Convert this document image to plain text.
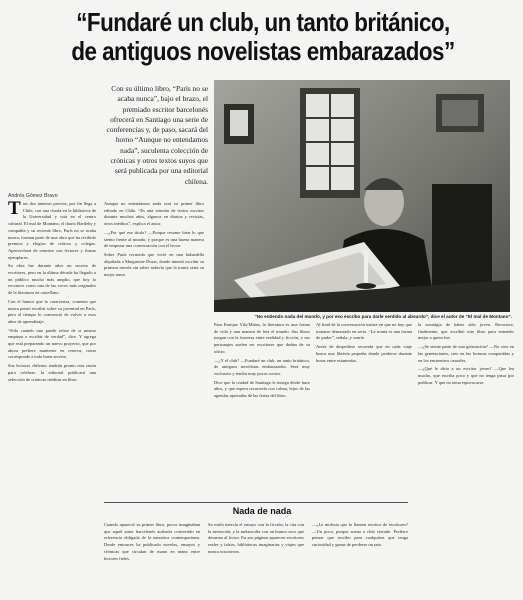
“Fundaré un club, un tanto británico,
de antiguos novelistas embarazados”
Con su último libro, “París no se acaba nunca”, bajo el brazo, el premiado escritor barcelonés ofrecerá en Santiago una serie de conferencias y, de paso, sacará del horno “Aunque no entendamos nada”, suculenta colección de crónicas y otros textos suyos que será publicada por una editorial chilena.
Andrés Gómez Bravo

Tras dos intentos previos, por fin llega a Chile, con una charla en la biblioteca de la Universidad y otra en el centro cultural. El mal de Montano, el diario Bartleby y compañía y su reciente libro, París no se acaba nunca, forman parte de una obra que ha recibido premios y elogios de críticos y colegas. Aprovechará de reunirse con lectores y firmar ejemplares.

Su obra fue durante años un secreto de escritores, pero en la última década ha llegado a un público mucho más amplio, que hoy lo reconoce como una de las voces más originales de la literatura en castellano.

Con el humor que lo caracteriza, comenta que nunca pensó escribir sobre su juventud en París, pero el tiempo lo convenció de volver a esos años de aprendizaje.

“Sólo cuando uno puede reírse de sí mismo empieza a escribir de verdad”, dice. Y agrega que está preparando un nuevo proyecto, que por ahora prefiere mantener en reserva, como corresponde a todo buen secreto.

Sus lectores chilenos tendrán pronto otra razón para celebrar: la editorial publicará una selección de crónicas inéditas en libro.

Aunque no entendamos nada será su primer libro editado en Chile. “Es una reunión de textos escritos durante muchos años, algunos en diarios y revistas, otros inéditos”, explica el autor.

—¿Por qué ese título? —Porque resume bien lo que siento frente al mundo, y porque es una buena manera de empezar una conversación con el lector.

Sobre París recuerda que vivió en una buhardilla alquilada a Marguerite Duras, donde intentó escribir su primera novela sin saber todavía que la ironía sería su mejor arma.

“No entiendo nada del mundo, y por eso escribo para darle sentido al absurdo”, dice el autor de “El mal de Montano”.

Para Enrique Vila-Matas, la literatura es una forma de vida y una manera de leer el mundo. Sus libros juegan con la frontera entre realidad y ficción, y sus personajes suelen ser escritores que dudan de su oficio.

—¿Y el club? —Fundaré un club, un tanto británico, de antiguos novelistas embarazados. Será muy exclusivo y tendrá muy pocos socios.

Dice que la ciudad de Santiago le intriga desde hace años, y que espera recorrerla con calma, lejos de las agendas apretadas de las ferias del libro.

Al final de la conversación insiste en que no hay que tomarse demasiado en serio. “La ironía es una forma de pudor”, señala, y sonríe.

Antes de despedirse recuerda que en cada viaje busca una librería pequeña donde perderse durante horas entre estanterías.

la nostalgia de haber sido joven. Reconoce, finalmente, que escribió este libro para entender mejor a quien fue.

—¿Se siente parte de una generación? —No creo en las generaciones, creo en las lecturas compartidas y en los encuentros casuales.

—¿Qué le diría a un escritor joven? —Que lea mucho, que escriba poco y que no tenga prisa por publicar. Y que no tema equivocarse.

Nada de nada

Cuando apareció su primer libro, pocos imaginaban que aquel autor barcelonés acabaría convertido en referencia obligada de la narrativa contemporánea. Desde entonces ha publicado novelas, ensayos y crónicas que circulan de mano en mano entre lectores fieles.

Su estilo mezcla el ensayo con la ficción, la cita con la invención, y la melancolía con un humor seco que desarma al lector. En sus páginas aparecen escritores reales y falsos, bibliotecas imaginarias y viajes que nunca ocurrieron.

—¿Le molesta que lo llamen escritor de escritores? —Un poco, porque suena a club cerrado. Prefiero pensar que escribo para cualquiera que tenga curiosidad y ganas de perderse un rato.
